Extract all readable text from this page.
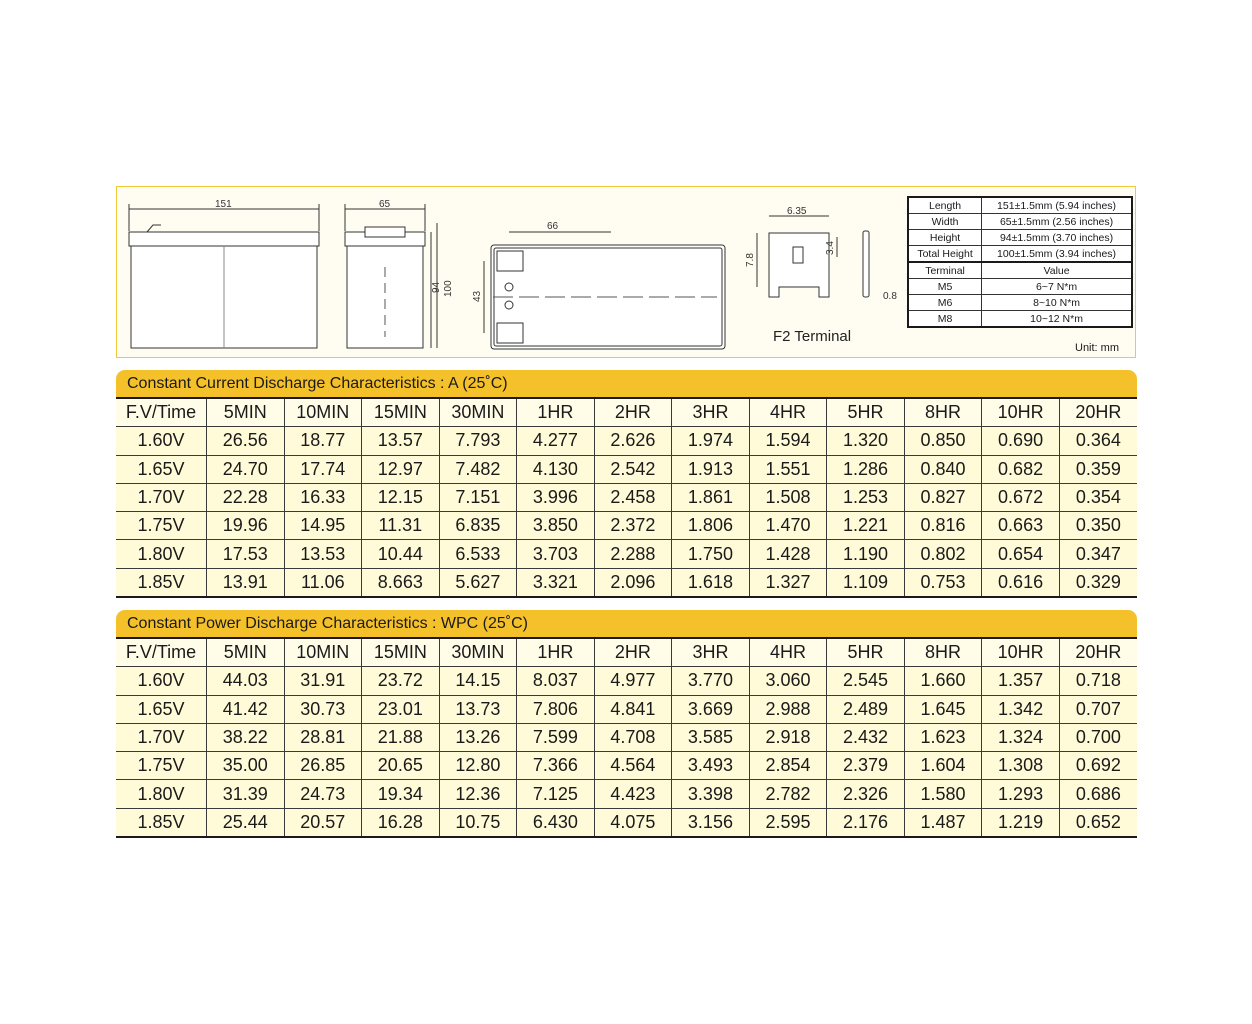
151	65
94 100
66
43
6.35
7.8
3.4
0.8
F2 Terminal
Length	151±1.5mm (5.94 inches)
Width	65±1.5mm (2.56 inches)
Height	94±1.5mm (3.70 inches)
Total Height	100±1.5mm (3.94 inches)
Terminal	Value
M5	6~7 N*m
M6	8~10 N*m
M8	10~12 N*m
Unit: mm
Constant Current Discharge Characteristics : A (25˚C)
F.V/Time	5MIN	10MIN	15MIN	30MIN	1HR	2HR	3HR	4HR	5HR	8HR	10HR	20HR
1.60V	26.56	18.77	13.57	7.793	4.277	2.626	1.974	1.594	1.320	0.850	0.690	0.364
1.65V	24.70	17.74	12.97	7.482	4.130	2.542	1.913	1.551	1.286	0.840	0.682	0.359
1.70V	22.28	16.33	12.15	7.151	3.996	2.458	1.861	1.508	1.253	0.827	0.672	0.354
1.75V	19.96	14.95	11.31	6.835	3.850	2.372	1.806	1.470	1.221	0.816	0.663	0.350
1.80V	17.53	13.53	10.44	6.533	3.703	2.288	1.750	1.428	1.190	0.802	0.654	0.347
1.85V	13.91	11.06	8.663	5.627	3.321	2.096	1.618	1.327	1.109	0.753	0.616	0.329
Constant Power Discharge Characteristics : WPC (25˚C)
F.V/Time	5MIN	10MIN	15MIN	30MIN	1HR	2HR	3HR	4HR	5HR	8HR	10HR	20HR
1.60V	44.03	31.91	23.72	14.15	8.037	4.977	3.770	3.060	2.545	1.660	1.357	0.718
1.65V	41.42	30.73	23.01	13.73	7.806	4.841	3.669	2.988	2.489	1.645	1.342	0.707
1.70V	38.22	28.81	21.88	13.26	7.599	4.708	3.585	2.918	2.432	1.623	1.324	0.700
1.75V	35.00	26.85	20.65	12.80	7.366	4.564	3.493	2.854	2.379	1.604	1.308	0.692
1.80V	31.39	24.73	19.34	12.36	7.125	4.423	3.398	2.782	2.326	1.580	1.293	0.686
1.85V	25.44	20.57	16.28	10.75	6.430	4.075	3.156	2.595	2.176	1.487	1.219	0.652
